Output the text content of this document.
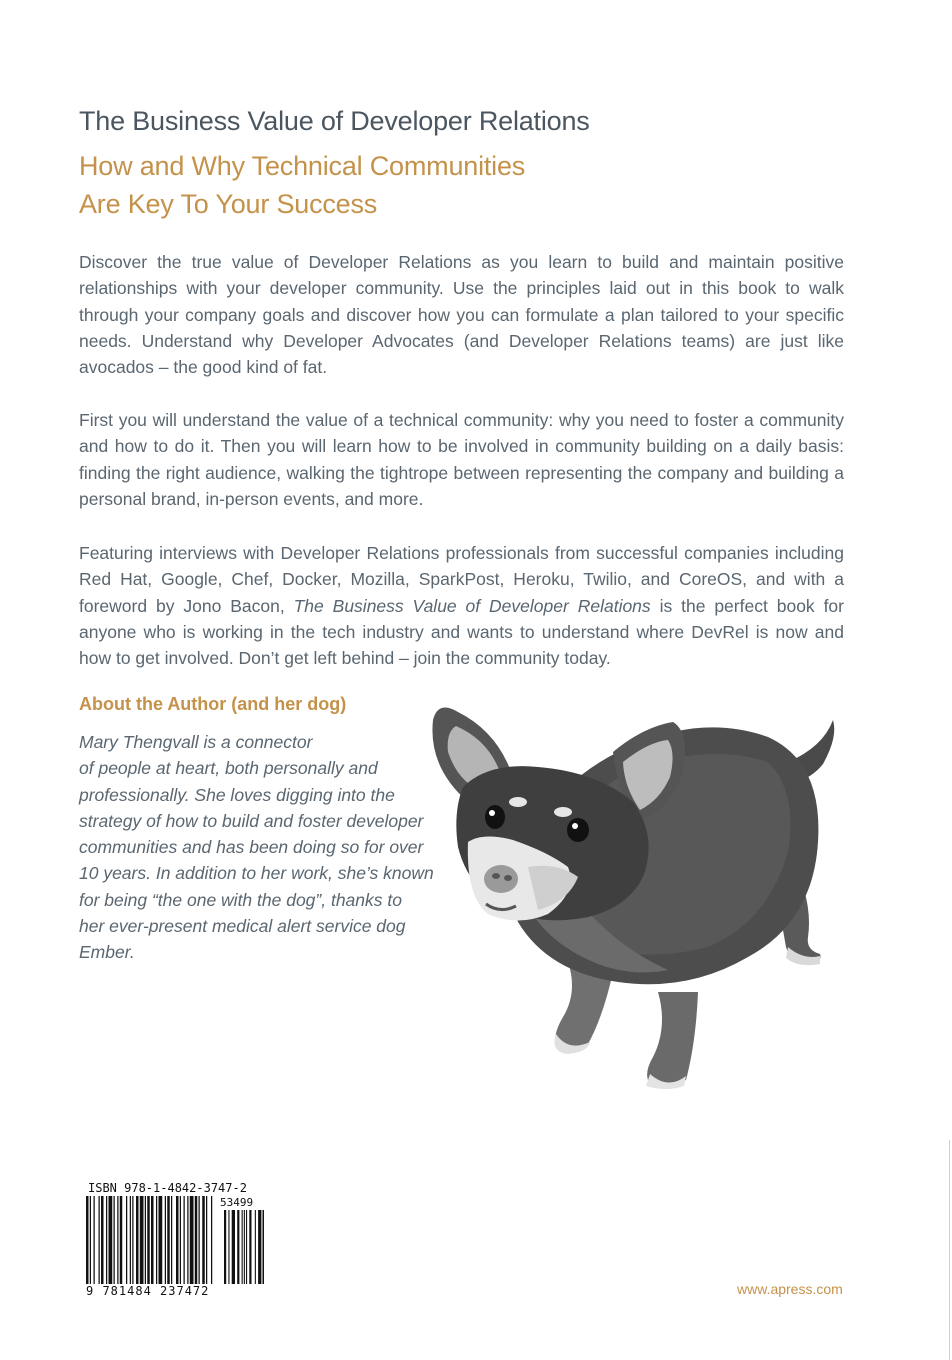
The Business Value of Developer Relations
How and Why Technical Communities
Are Key To Your Success

Discover the true value of Developer Relations as you learn to build and maintain positive relationships with your developer community. Use the principles laid out in this book to walk through your company goals and discover how you can formulate a plan tailored to your specific needs. Understand why Developer Advocates (and Developer Relations teams) are just like avocados – the good kind of fat.

First you will understand the value of a technical community: why you need to foster a community and how to do it. Then you will learn how to be involved in community building on a daily basis: finding the right audience, walking the tightrope between representing the company and building a personal brand, in-person events, and more.

Featuring interviews with Developer Relations professionals from successful companies including Red Hat, Google, Chef, Docker, Mozilla, SparkPost, Heroku, Twilio, and CoreOS, and with a foreword by Jono Bacon, The Business Value of Developer Relations is the perfect book for anyone who is working in the tech industry and wants to understand where DevRel is now and how to get involved. Don’t get left behind – join the community today.

About the Author (and her dog)
Mary Thengvall is a connector
of people at heart, both personally and
professionally. She loves digging into the
strategy of how to build and foster developer
communities and has been doing so for over
10 years. In addition to her work, she’s known
for being “the one with the dog”, thanks to
her ever-present medical alert service dog
Ember.
ISBN 978-1-4842-3747-2
53499
9 781484 237472	www.apress.com
